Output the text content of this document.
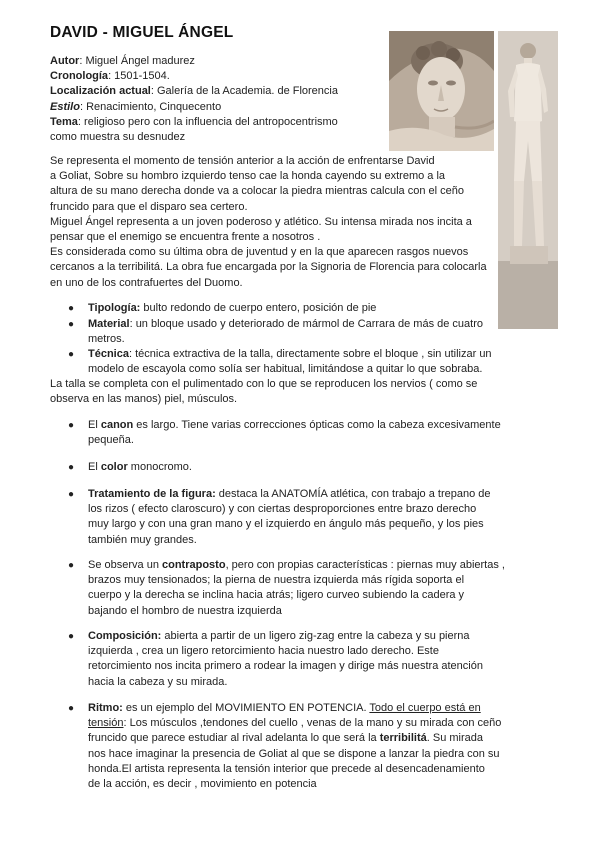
DAVID - MIGUEL ÁNGEL
Autor: Miguel Ángel madurez
Cronología: 1501-1504.
Localización actual: Galería de la Academia. de Florencia
Estilo: Renacimiento, Cinquecento
Tema: religioso pero con la influencia del antropocentrismo
como muestra su desnudez

Se representa el momento de tensión anterior a la acción de enfrentarse David

a Goliat, Sobre su hombro izquierdo tenso cae la honda cayendo su extremo a la

altura de su mano derecha donde va a colocar la piedra mientras calcula con el ceño

fruncido para que el disparo sea certero.

Miguel Ángel representa a un joven poderoso y atlético. Su intensa mirada nos incita a

pensar que el enemigo se encuentra frente a nosotros .

Es considerada como su última obra de juventud y en la que aparecen rasgos nuevos

cercanos a la terribilitá. La obra fue encargada por la Signoria de Florencia para colocarla

en uno de los contrafuertes del Duomo.

● Tipología: bulto redondo de cuerpo entero, posición de pie
● Material: un bloque usado y deteriorado de mármol de Carrara de más de cuatro
metros.
● Técnica: técnica extractiva de la talla, directamente sobre el bloque , sin utilizar un
modelo de escayola como solía ser habitual, limitándose a quitar lo que sobraba.

La talla se completa con el pulimentado con lo que se reproducen los nervios ( como se

observa en las manos) piel, músculos.

● El canon es largo. Tiene varias correcciones ópticas como la cabeza excesivamente
pequeña.
● El color monocromo.
● Tratamiento de la figura: destaca la ANATOMÍA atlética, con trabajo a trepano de
los rizos ( efecto claroscuro) y con ciertas desproporciones entre brazo derecho
muy largo y con una gran mano y el izquierdo en ángulo más pequeño, y los pies
también muy grandes.
● Se observa un contraposto, pero con propias características : piernas muy abiertas ,
brazos muy tensionados; la pierna de nuestra izquierda más rígida soporta el
cuerpo y la derecha se inclina hacia atrás; ligero curveo subiendo la cadera y
bajando el hombro de nuestra izquierda
● Composición: abierta a partir de un ligero zig-zag entre la cabeza y su pierna
izquierda , crea un ligero retorcimiento hacia nuestro lado derecho. Este
retorcimiento nos incita primero a rodear la imagen y dirige más nuestra atención
hacia la cabeza y su mirada.
● Ritmo: es un ejemplo del MOVIMIENTO EN POTENCIA. Todo el cuerpo está en
tensión: Los músculos ,tendones del cuello , venas de la mano y su mirada con ceño
fruncido que parece estudiar al rival adelanta lo que será la terribilitá. Su mirada
nos hace imaginar la presencia de Goliat al que se dispone a lanzar la piedra con su
honda.El artista representa la tensión interior que precede al desencadenamiento
de la acción, es decir , movimiento en potencia
